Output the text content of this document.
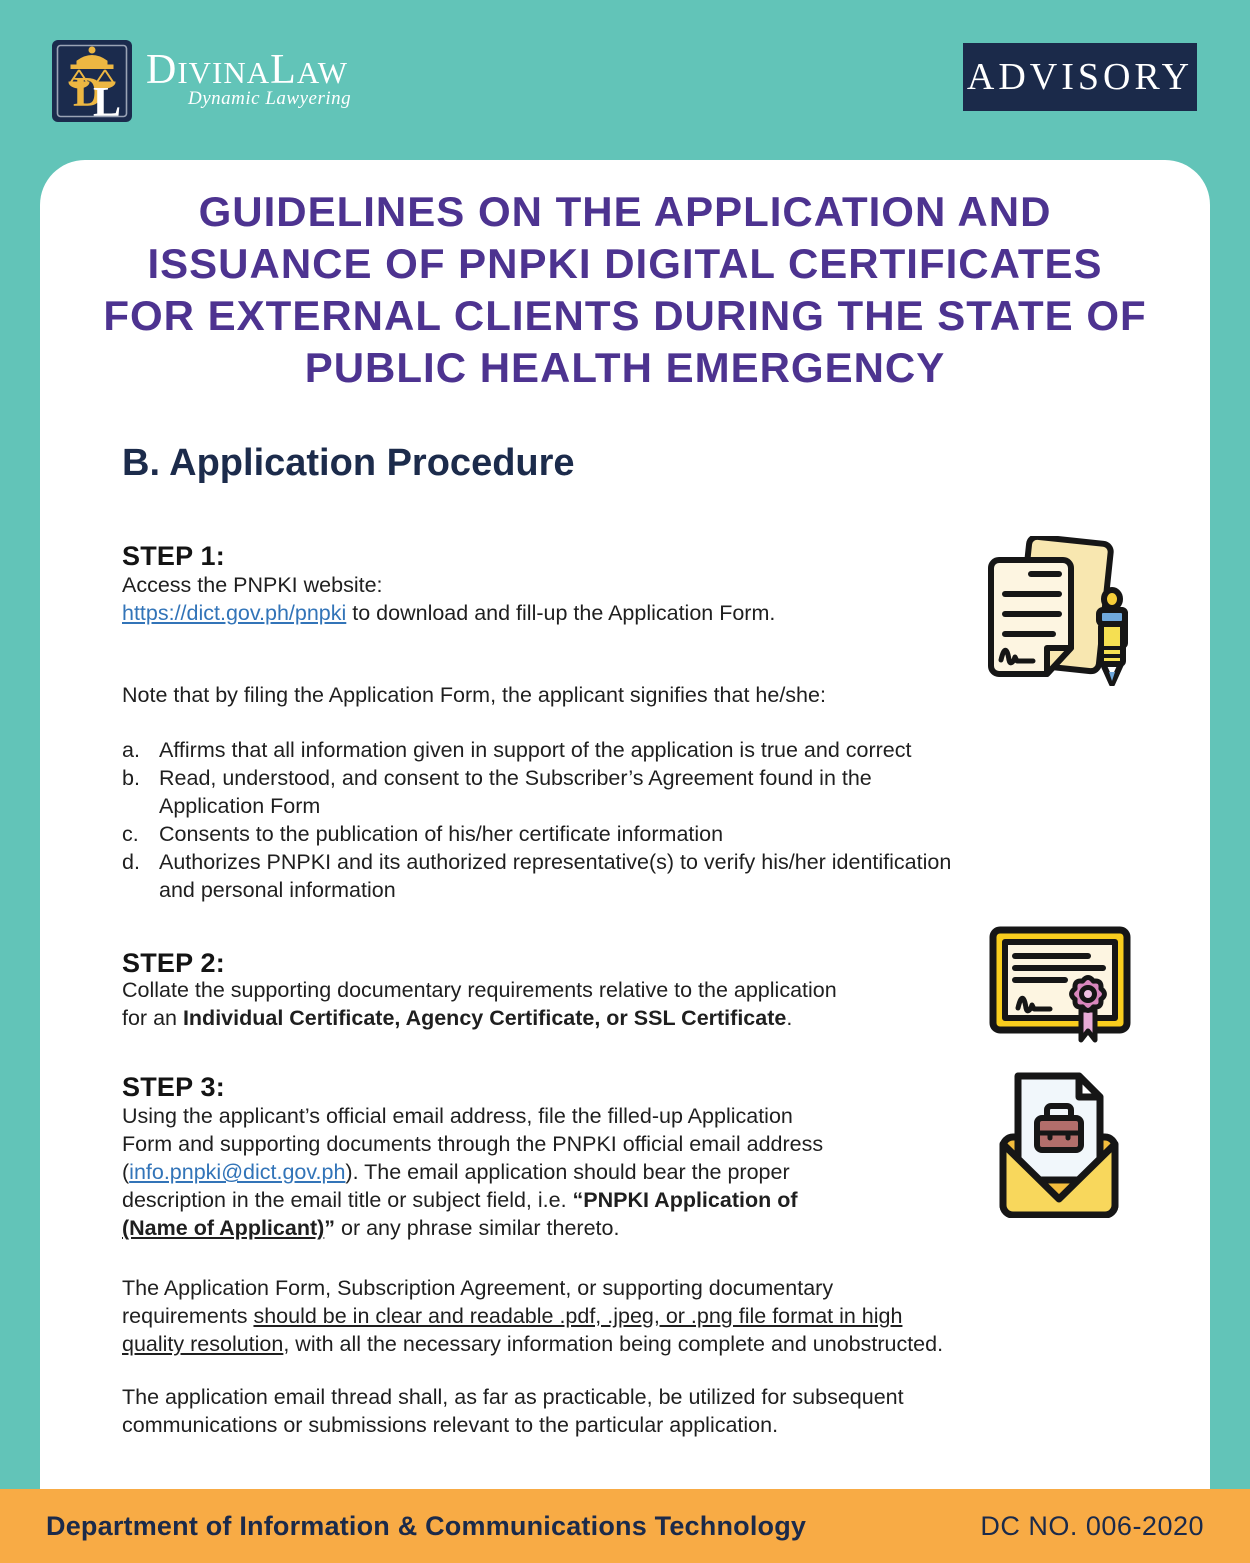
D
L
DIVINALAW
Dynamic Lawyering
ADVISORY
GUIDELINES ON THE APPLICATION AND
ISSUANCE OF PNPKI DIGITAL CERTIFICATES
FOR EXTERNAL CLIENTS DURING THE STATE OF
PUBLIC HEALTH EMERGENCY
B. Application Procedure
STEP 1:
Access the PNPKI website:
https://dict.gov.ph/pnpki to download and fill-up the Application Form.
Note that by filing the Application Form, the applicant signifies that he/she:
a. Affirms that all information given in support of the application is true and correct
b. Read, understood, and consent to the Subscriber’s Agreement found in the
Application Form
c. Consents to the publication of his/her certificate information
d. Authorizes PNPKI and its authorized representative(s) to verify his/her identification
and personal information
STEP 2:
Collate the supporting documentary requirements relative to the application
for an Individual Certificate, Agency Certificate, or SSL Certificate.
STEP 3:
Using the applicant’s official email address, file the filled-up Application
Form and supporting documents through the PNPKI official email address
(info.pnpki@dict.gov.ph). The email application should bear the proper
description in the email title or subject field, i.e. “PNPKI Application of
(Name of Applicant)” or any phrase similar thereto.
The Application Form, Subscription Agreement, or supporting documentary
requirements should be in clear and readable .pdf, .jpeg, or .png file format in high
quality resolution, with all the necessary information being complete and unobstructed.
The application email thread shall, as far as practicable, be utilized for subsequent
communications or submissions relevant to the particular application.
Department of Information & Communications Technology	DC NO. 006-2020
